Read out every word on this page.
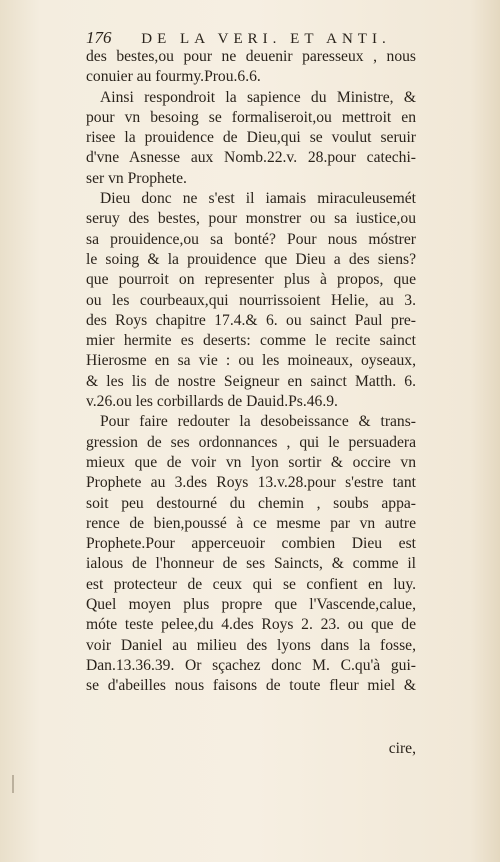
176	DE LA VERI. ET ANTI.
des bestes,ou pour ne deuenir paresseux , nous
conuier au fourmy.Prou.6.6.
Ainsi respondroit la sapience du Ministre, &
pour vn besoing se formaliseroit,ou mettroit en
risee la prouidence de Dieu,qui se voulut seruir
d'vne Asnesse aux Nomb.22.v. 28.pour catechi-
ser vn Prophete.
Dieu donc ne s'est il iamais miraculeusemét
seruy des bestes, pour monstrer ou sa iustice,ou
sa prouidence,ou sa bonté? Pour nous móstrer
le soing & la prouidence que Dieu a des siens?
que pourroit on representer plus à propos, que
ou les courbeaux,qui nourrissoient Helie, au 3.
des Roys chapitre 17.4.& 6. ou sainct Paul pre-
mier hermite es deserts: comme le recite sainct
Hierosme en sa vie : ou les moineaux, oyseaux,
& les lis de nostre Seigneur en sainct Matth. 6.
v.26.ou les corbillards de Dauid.Ps.46.9.
Pour faire redouter la desobeissance & trans-
gression de ses ordonnances , qui le persuadera
mieux que de voir vn lyon sortir & occire vn
Prophete au 3.des Roys 13.v.28.pour s'estre tant
soit peu destourné du chemin , soubs appa-
rence de bien,poussé à ce mesme par vn autre
Prophete.Pour apperceuoir combien Dieu est
ialous de l'honneur de ses Saincts, & comme il
est protecteur de ceux qui se confient en luy.
Quel moyen plus propre que l'Vascende,calue,
móte teste pelee,du 4.des Roys 2. 23. ou que de
voir Daniel au milieu des lyons dans la fosse,
Dan.13.36.39. Or sçachez donc M. C.qu'à gui-
se d'abeilles nous faisons de toute fleur miel &
cire,
